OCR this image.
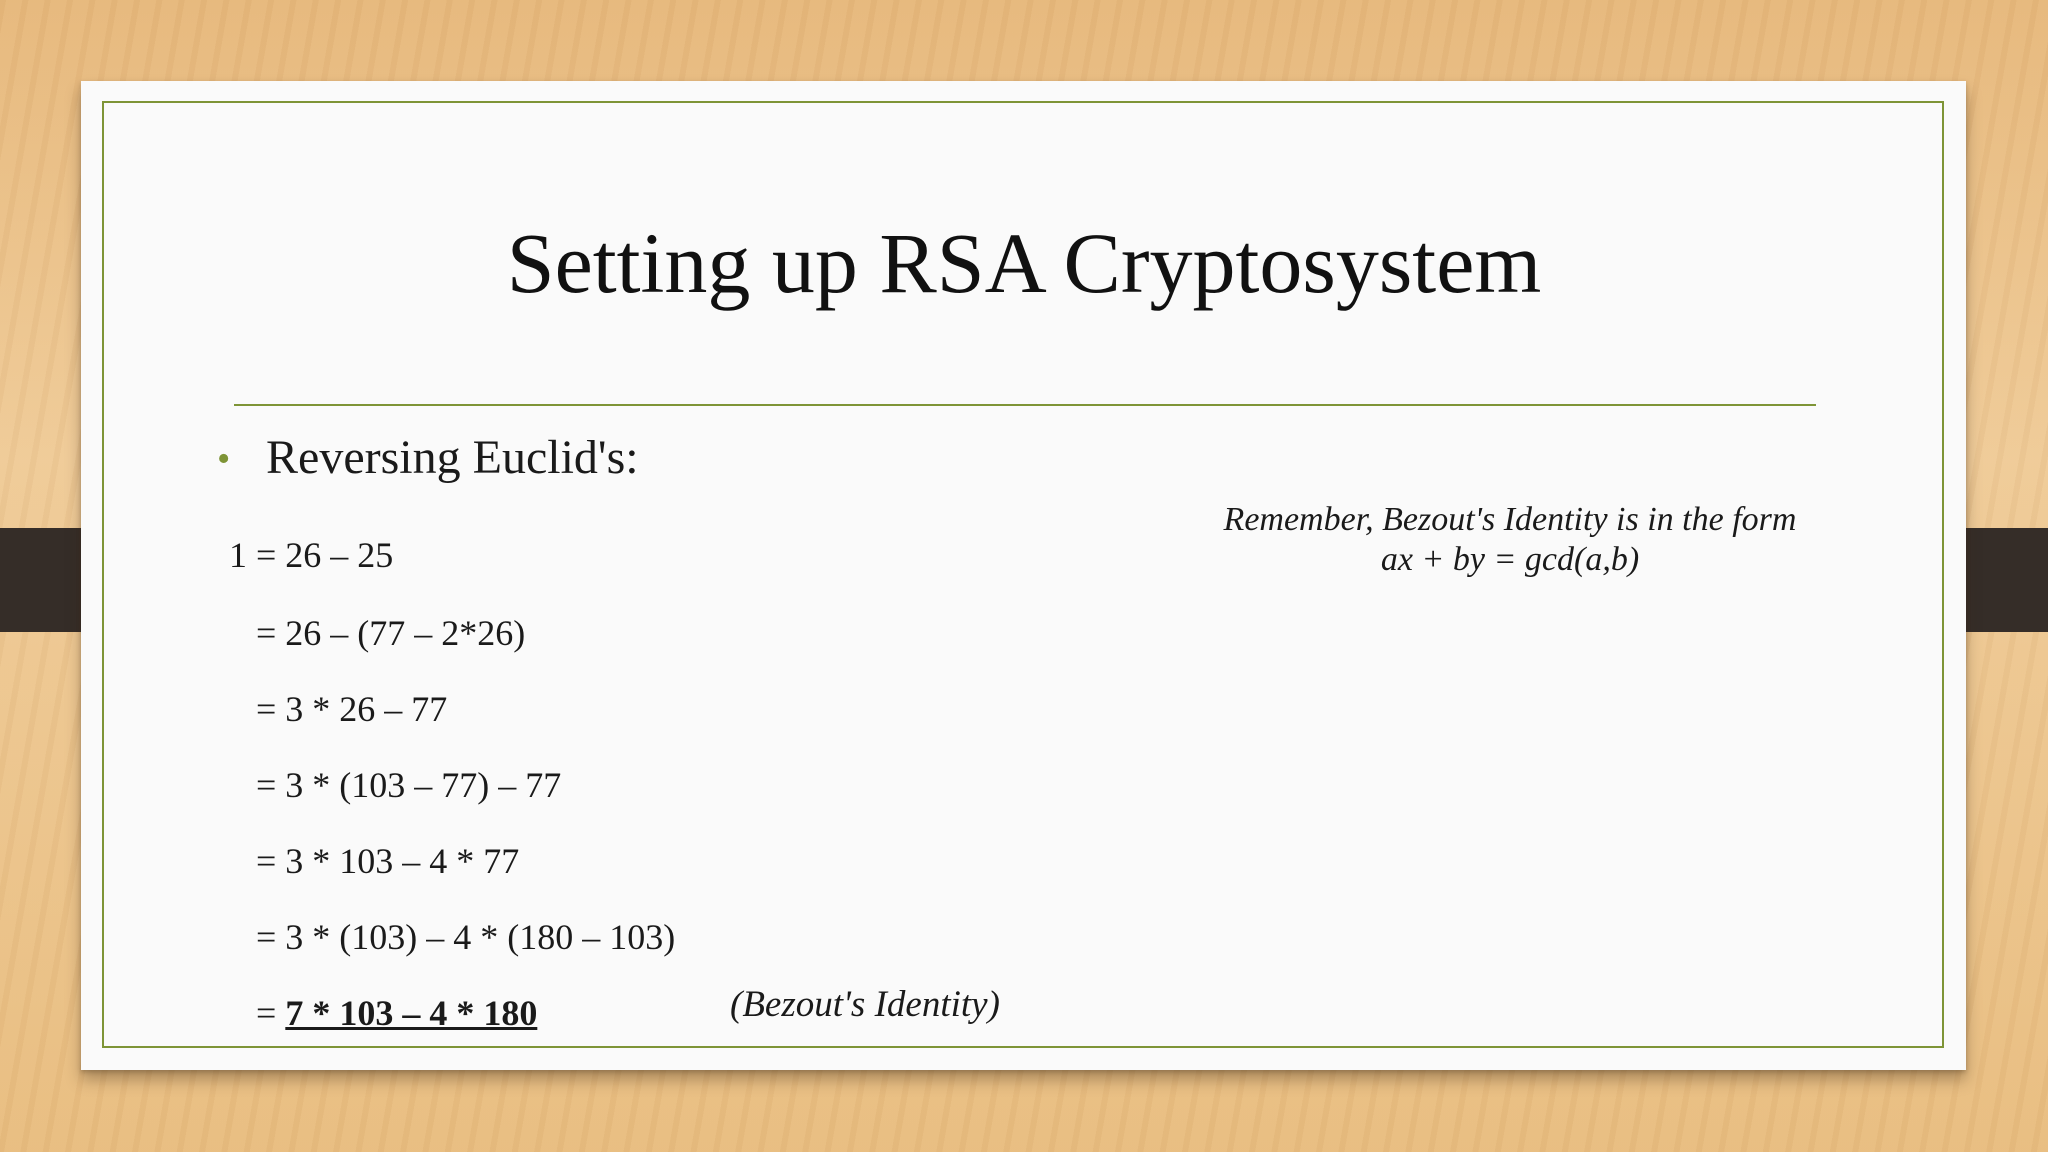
Setting up RSA Cryptosystem
• Reversing Euclid's:
1 = 26 – 25
= 26 – (77 – 2*26)
= 3 * 26 – 77
= 3 * (103 – 77) – 77
= 3 * 103 – 4 * 77
= 3 * (103) – 4 * (180 – 103)
= 7 * 103 – 4 * 180	(Bezout's Identity)
Remember, Bezout's Identity is in the form
ax + by = gcd(a,b)
